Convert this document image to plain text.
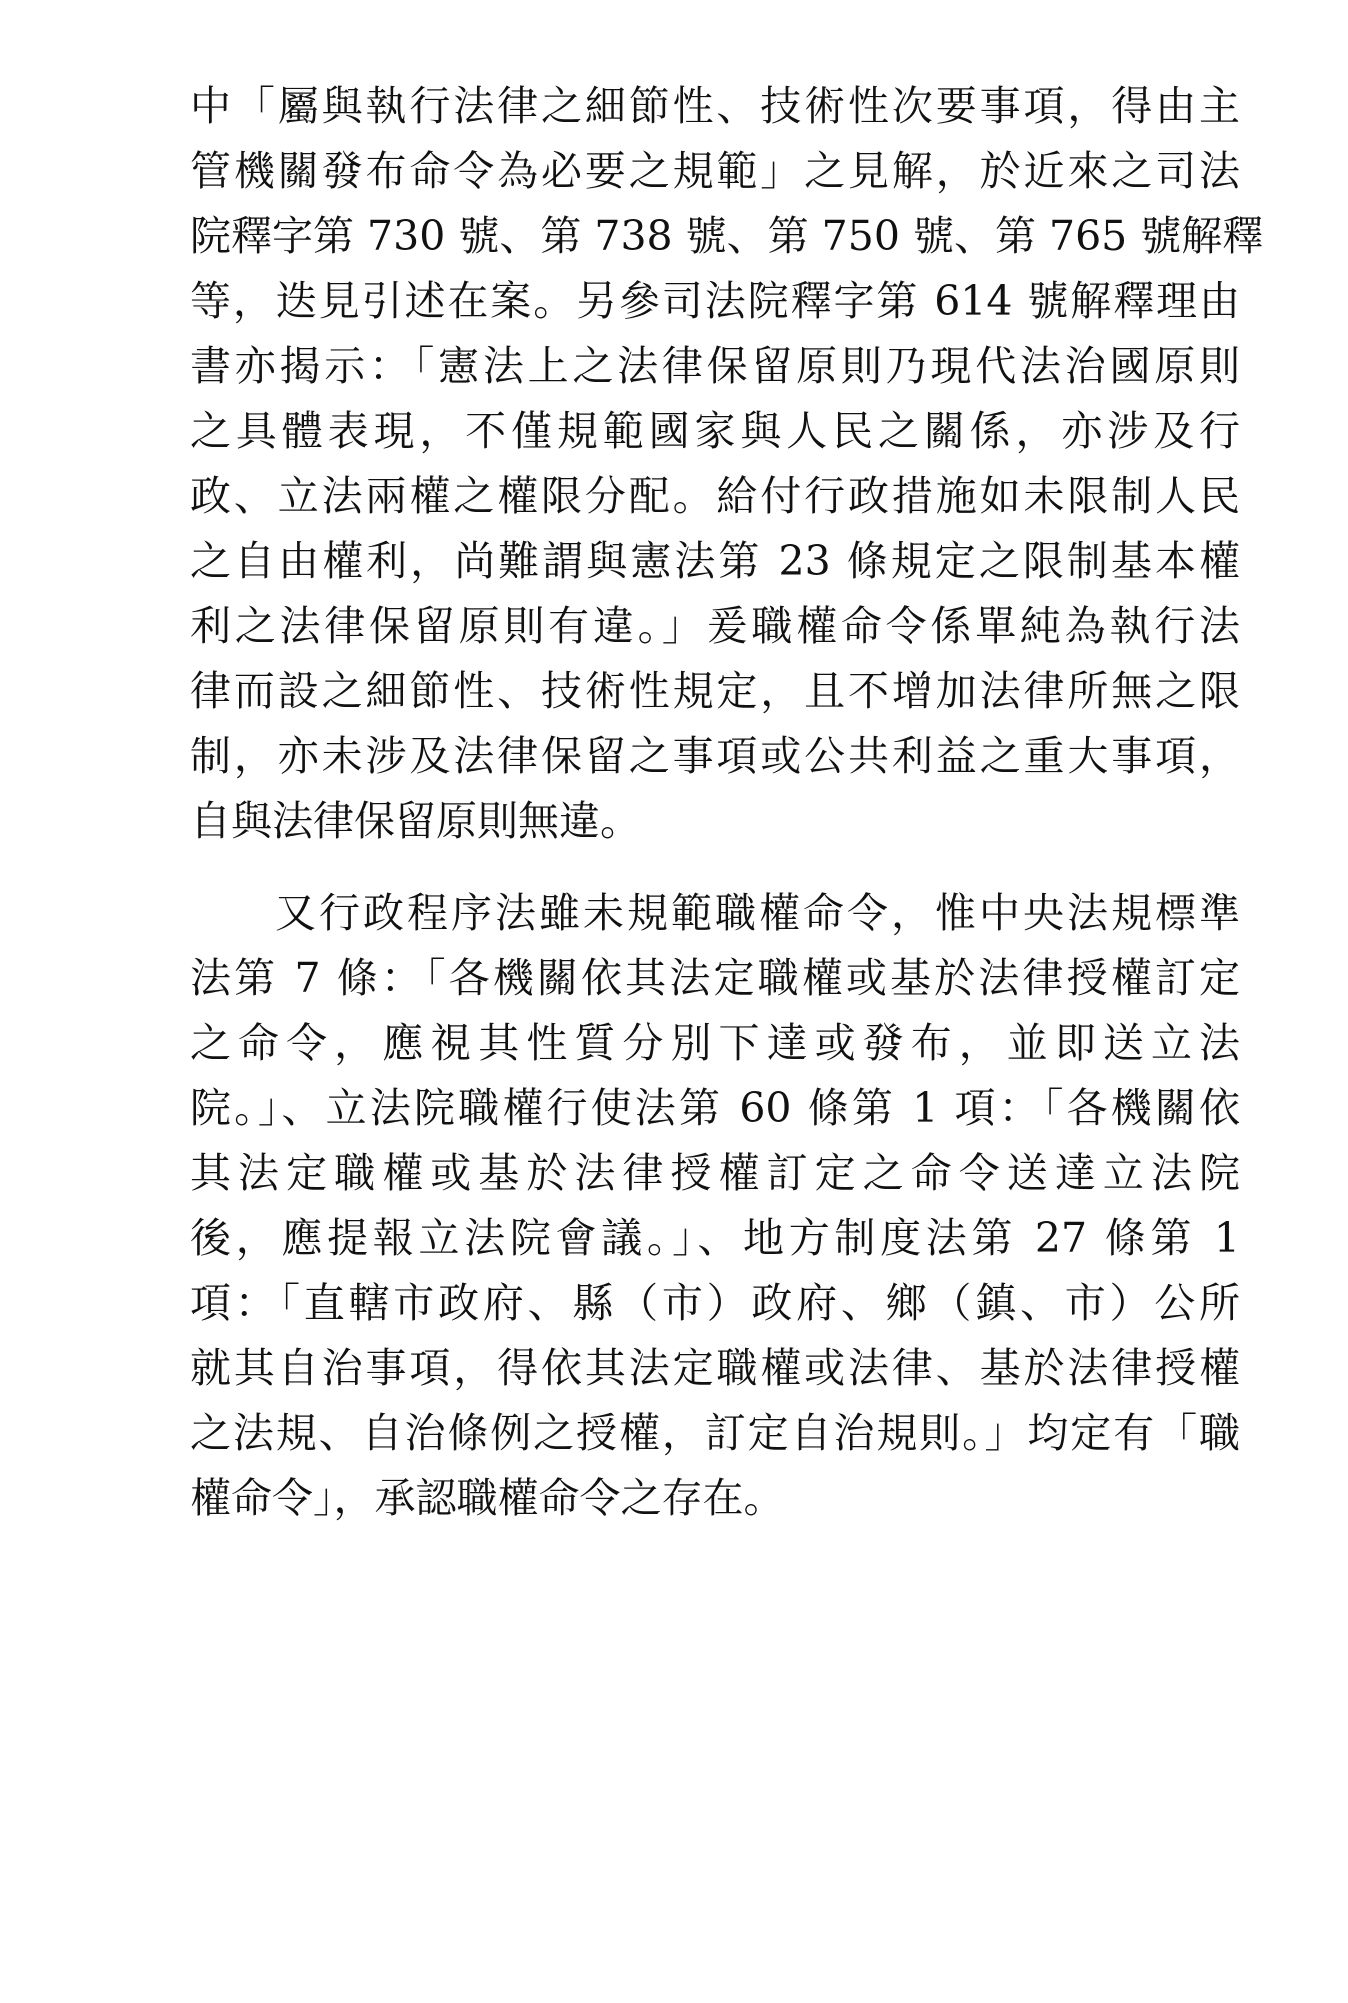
中「屬與執行法律之細節性、技術性次要事項，得由主
管機關發布命令為必要之規範」之見解，於近來之司法
院釋字第 730 號、第 738 號、第 750 號、第 765 號解釋
等，迭見引述在案。另參司法院釋字第 614 號解釋理由
書亦揭示：「憲法上之法律保留原則乃現代法治國原則
之具體表現，不僅規範國家與人民之關係，亦涉及行
政、立法兩權之權限分配。給付行政措施如未限制人民
之自由權利，尚難謂與憲法第 23 條規定之限制基本權
利之法律保留原則有違。」爰職權命令係單純為執行法
律而設之細節性、技術性規定，且不增加法律所無之限
制，亦未涉及法律保留之事項或公共利益之重大事項，
自與法律保留原則無違。
又行政程序法雖未規範職權命令，惟中央法規標準
法第 7 條：「各機關依其法定職權或基於法律授權訂定
之命令，應視其性質分別下達或發布，並即送立法
院。」、立法院職權行使法第 60 條第 1 項：「各機關依
其法定職權或基於法律授權訂定之命令送達立法院
後，應提報立法院會議。」、地方制度法第 27 條第 1
項：「直轄市政府、縣（市）政府、鄉（鎮、市）公所
就其自治事項，得依其法定職權或法律、基於法律授權
之法規、自治條例之授權，訂定自治規則。」均定有「職
權命令」，承認職權命令之存在。
